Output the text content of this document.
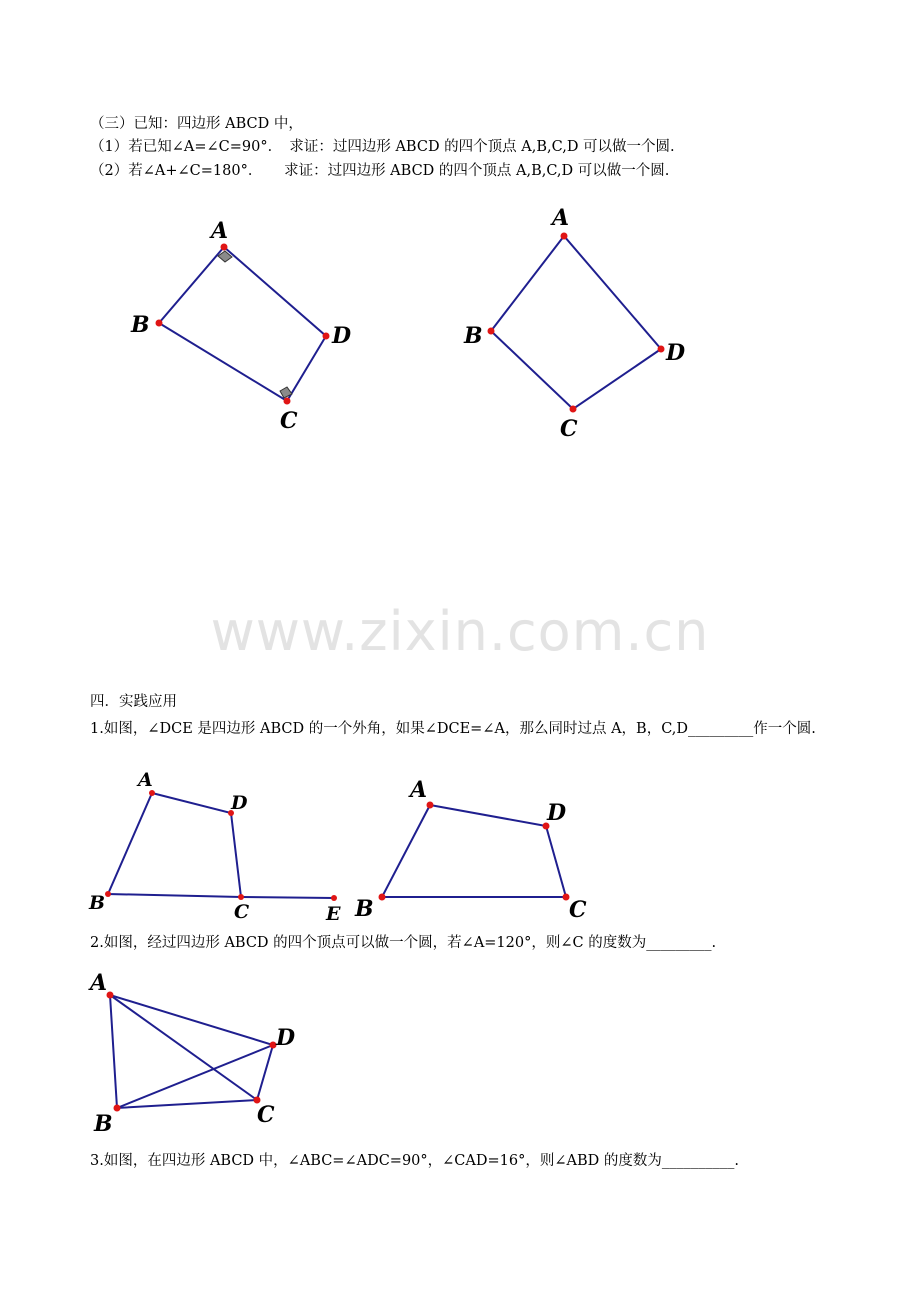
（三）已知：四边形 ABCD 中，
（1）若已知∠A=∠C=90°．　求证：过四边形 ABCD 的四个顶点 A,B,C,D 可以做一个圆.
（2）若∠A+∠C=180°．　　求证：过四边形 ABCD 的四个顶点 A,B,C,D 可以做一个圆.
A
B
C
D
A
B
C
D
www.zixin.com.cn
四．实践应用
1.如图，∠DCE 是四边形 ABCD 的一个外角，如果∠DCE=∠A，那么同时过点 A，B，C,D_________作一个圆.
A
B	C
D
E
A
B	C
D
2.如图，经过四边形 ABCD 的四个顶点可以做一个圆，若∠A=120°，则∠C 的度数为_________.
A
B	C
D
3.如图，在四边形 ABCD 中，∠ABC=∠ADC=90°，∠CAD=16°，则∠ABD 的度数为__________.
